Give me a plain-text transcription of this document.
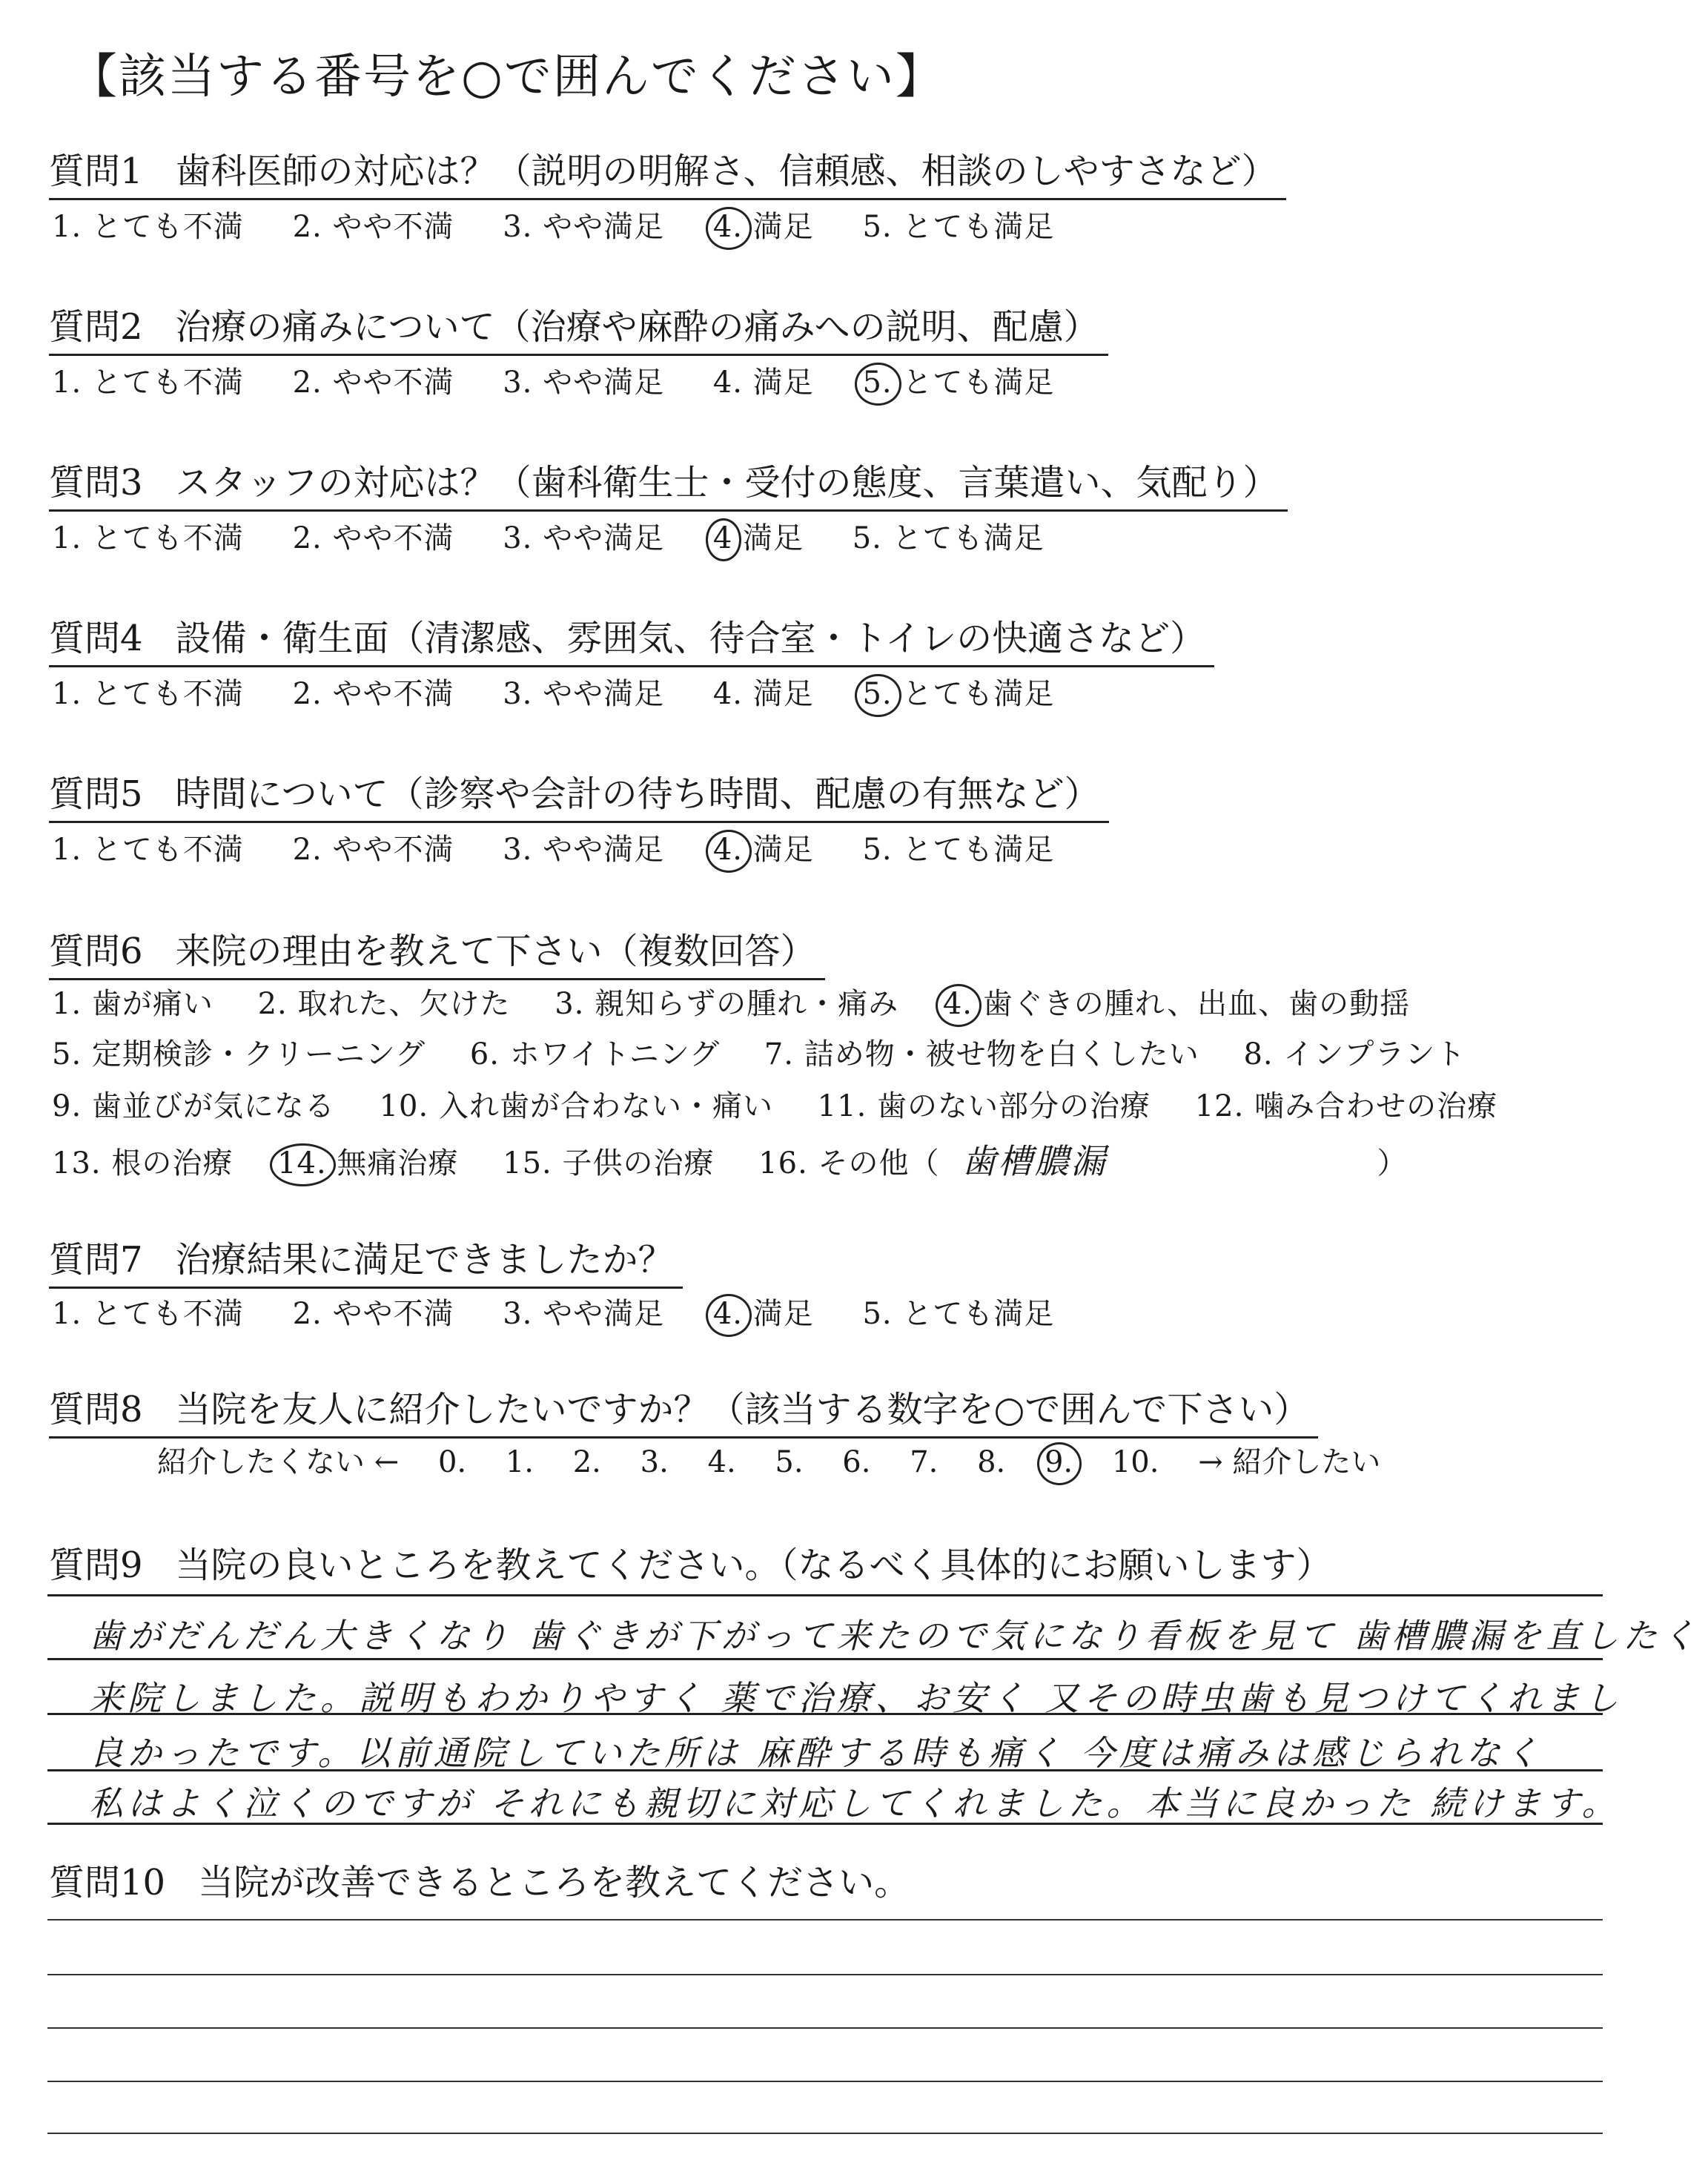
【該当する番号を○で囲んでください】
質問1 歯科医師の対応は？（説明の明解さ、信頼感、相談のしやすさなど）
1. とても不満 2. やや不満 3. やや満足 4. 満足 5. とても満足
質問2 治療の痛みについて（治療や麻酔の痛みへの説明、配慮）
1. とても不満 2. やや不満 3. やや満足 4. 満足 5. とても満足
質問3 スタッフの対応は？（歯科衛生士・受付の態度、言葉遣い、気配り）
1. とても不満 2. やや不満 3. やや満足 4 満足 5. とても満足
質問4 設備・衛生面（清潔感、雰囲気、待合室・トイレの快適さなど）
1. とても不満 2. やや不満 3. やや満足 4. 満足 5. とても満足
質問5 時間について（診察や会計の待ち時間、配慮の有無など）
1. とても不満 2. やや不満 3. やや満足 4. 満足 5. とても満足
質問6 来院の理由を教えて下さい（複数回答）
1. 歯が痛い 2. 取れた、欠けた 3. 親知らずの腫れ・痛み 4. 歯ぐきの腫れ、出血、歯の動揺
5. 定期検診・クリーニング 6. ホワイトニング 7. 詰め物・被せ物を白くしたい 8. インプラント
9. 歯並びが気になる 10. 入れ歯が合わない・痛い 11. 歯のない部分の治療 12. 噛み合わせの治療
13. 根の治療 14. 無痛治療 15. 子供の治療 16. その他（ 歯槽膿漏	）
質問7 治療結果に満足できましたか？
1. とても不満 2. やや不満 3. やや満足 4. 満足 5. とても満足
質問8 当院を友人に紹介したいですか？（該当する数字を○で囲んで下さい）
紹介したくない ← 0. 1. 2. 3. 4. 5. 6. 7. 8. 9. 10. → 紹介したい
質問9 当院の良いところを教えてください。（なるべく具体的にお願いします）
歯がだんだん大きくなり 歯ぐきが下がって来たので気になり看板を見て 歯槽膿漏を直したく
来院しました。説明もわかりやすく 薬で治療、お安く 又その時虫歯も見つけてくれまし
良かったです。以前通院していた所は 麻酔する時も痛く 今度は痛みは感じられなく
私はよく泣くのですが それにも親切に対応してくれました。本当に良かった 続けます。
質問10 当院が改善できるところを教えてください。
